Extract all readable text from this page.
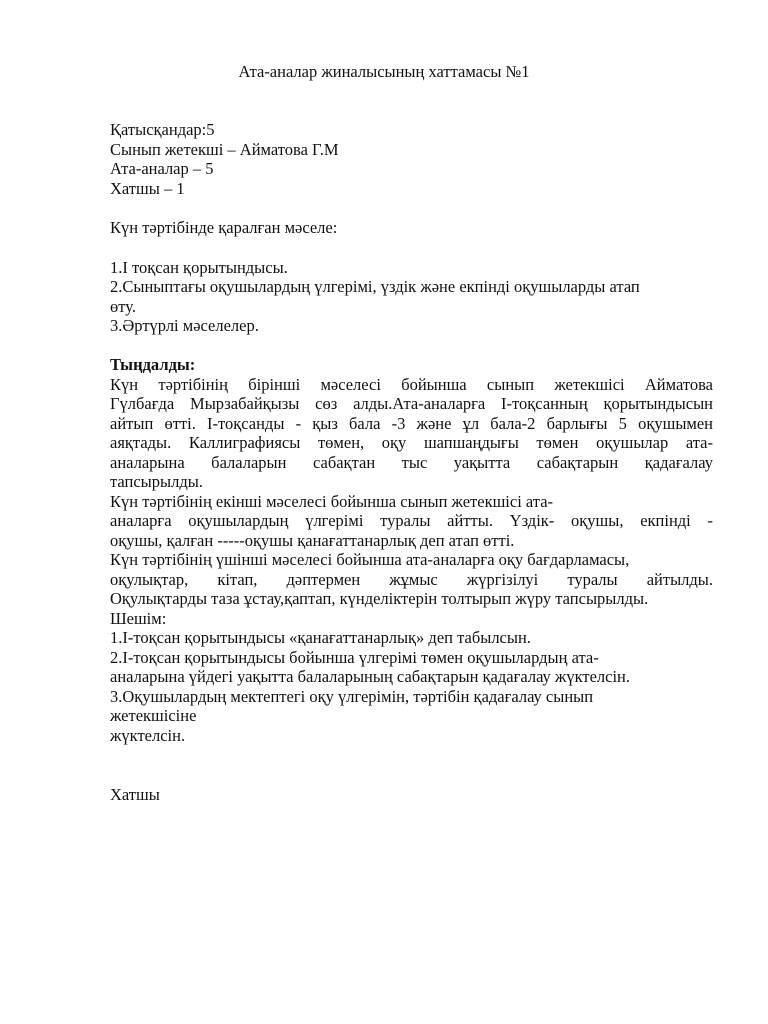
Ата-аналар жиналысының хаттамасы №1
Қатысқандар:5
Сынып жетекші – Айматова Г.М
Ата-аналар – 5
Хатшы – 1
Күн тәртібінде қаралған мәселе:
1.I тоқсан қорытындысы.
2.Сыныптағы оқушылардың үлгерімі, үздік және екпінді оқушыларды атап
өту.
3.Әртүрлі мәселелер.
Тыңдалды:
Күн тәртібінің бірінші мәселесі бойынша сынып жетекшісі Айматова
Гүлбағда Мырзабайқызы сөз алды.Ата-аналарға I-тоқсанның қорытындысын
айтып өтті. I-тоқсанды - қыз бала -3 және ұл бала-2 барлығы 5 оқушымен
аяқтады. Каллиграфиясы төмен, оқу шапшаңдығы төмен оқушылар ата-
аналарына балаларын сабақтан тыс уақытта сабақтарын қадағалау
тапсырылды.
Күн тәртібінің екінші мәселесі бойынша сынып жетекшісі ата-
аналарға оқушылардың үлгерімі туралы айтты. Үздік- оқушы, екпінді -
оқушы, қалған -----оқушы қанағаттанарлық деп атап өтті.
Күн тәртібінің үшінші мәселесі бойынша ата-аналарға оқу бағдарламасы,
оқулықтар, кітап, дәптермен жұмыс жүргізілуі туралы айтылды.
Оқулықтарды таза ұстау,қаптап, күнделіктерін толтырып жүру тапсырылды.
Шешім:
1.I-тоқсан қорытындысы «қанағаттанарлық» деп табылсын.
2.I-тоқсан қорытындысы бойынша үлгерімі төмен оқушылардың ата-
аналарына үйдегі уақытта балаларының сабақтарын қадағалау жүктелсін.
3.Оқушылардың мектептегі оқу үлгерімін, тәртібін қадағалау сынып
жетекшісіне
жүктелсін.
Хатшы
